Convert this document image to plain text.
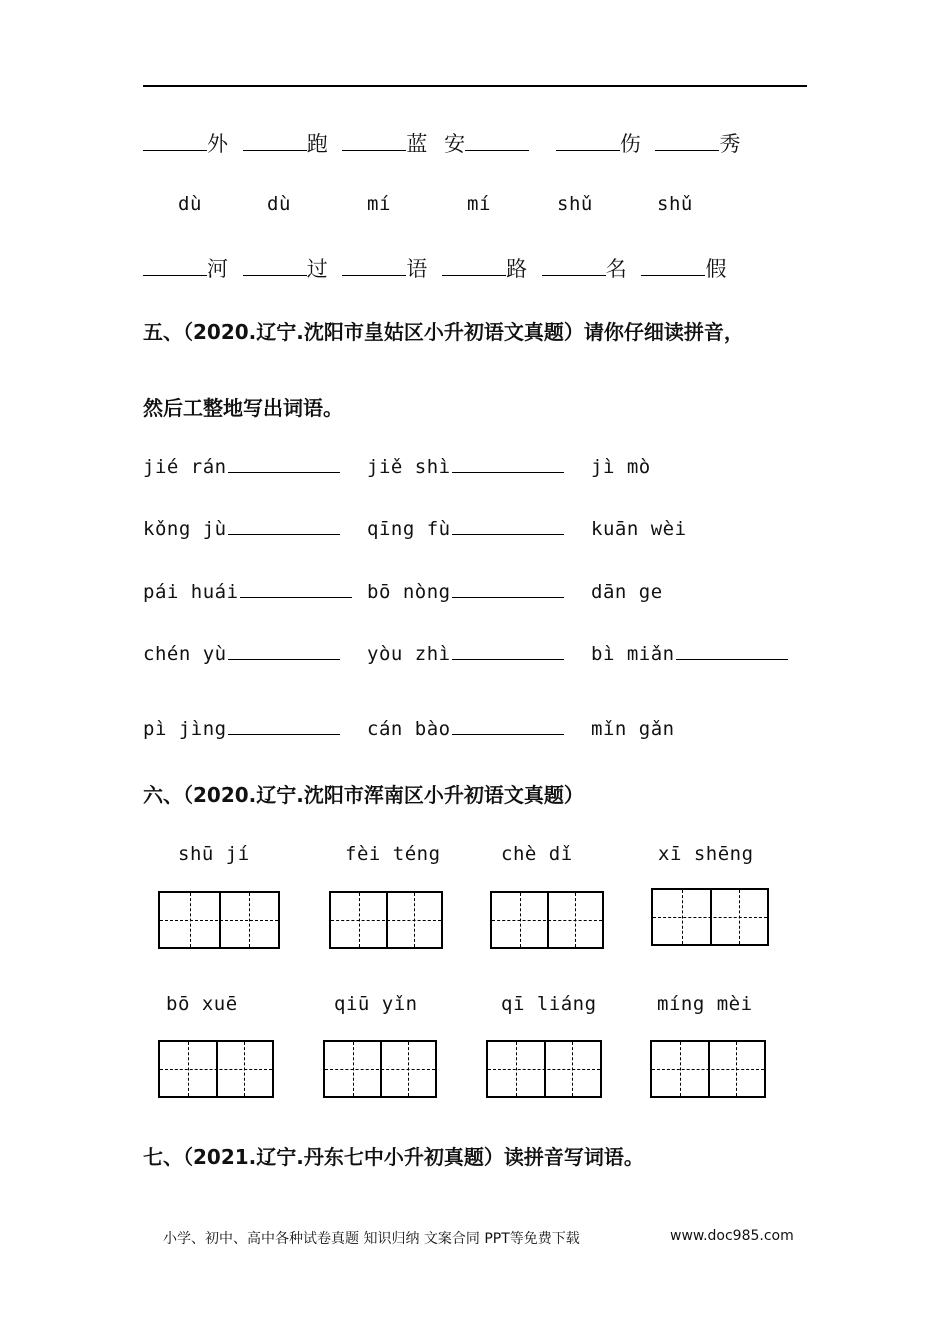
外	跑	蓝 安	伤	秀
dù	dù	mí	mí	shǔ	shǔ
河	过	语	路	名	假
五、（2020.辽宁.沈阳市皇姑区小升初语文真题）请你仔细读拼音，
然后工整地写出词语。
jié rán	jiě shì	jì mò
kǒng jù	qīng fù	kuān wèi
pái huái	bō nòng	dān ge
chén yù	yòu zhì	bì miǎn
pì jìng	cán bào	mǐn gǎn
六、（2020.辽宁.沈阳市浑南区小升初语文真题）
shū jí	fèi téng	chè dǐ	xī shēng
bō xuē	qiū yǐn	qī liáng	míng mèi
七、（2021.辽宁.丹东七中小升初真题）读拼音写词语。
小学、初中、高中各种试卷真题 知识归纳 文案合同 PPT等免费下载	www.doc985.com
